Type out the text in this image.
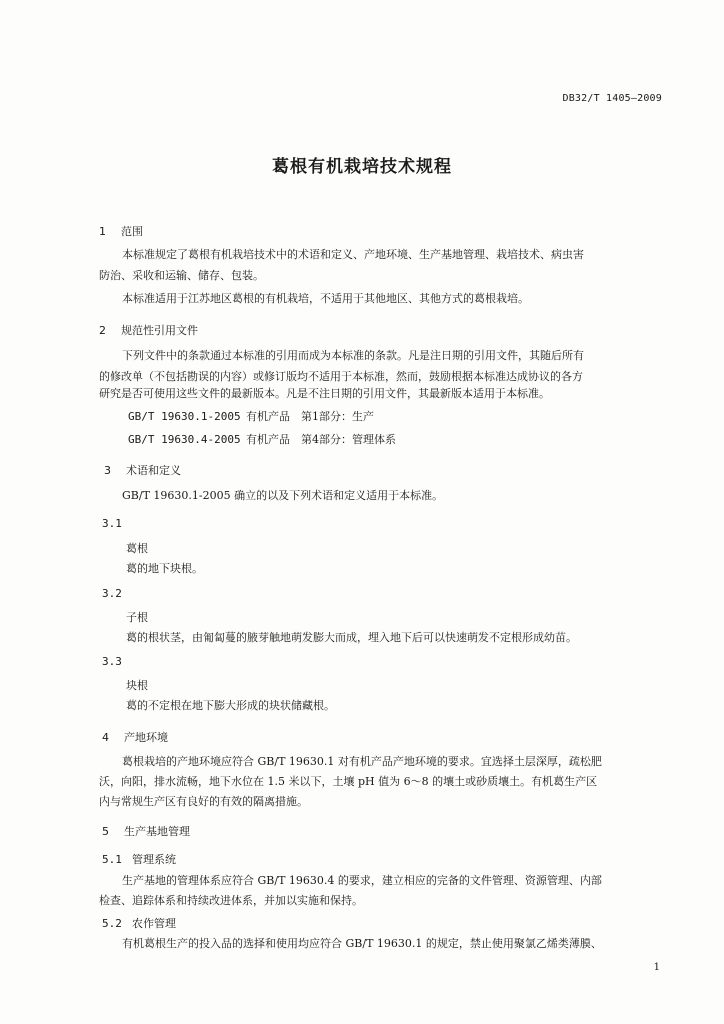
DB32/T 1405—2009
葛根有机栽培技术规程
1 范围
本标准规定了葛根有机栽培技术中的术语和定义、产地环境、生产基地管理、栽培技术、病虫害
防治、采收和运输、储存、包装。
本标准适用于江苏地区葛根的有机栽培，不适用于其他地区、其他方式的葛根栽培。
2 规范性引用文件
下列文件中的条款通过本标准的引用而成为本标准的条款。凡是注日期的引用文件，其随后所有
的修改单（不包括勘误的内容）或修订版均不适用于本标准，然而，鼓励根据本标准达成协议的各方
研究是否可使用这些文件的最新版本。凡是不注日期的引用文件，其最新版本适用于本标准。
GB/T 19630.1-2005 有机产品　第1部分：生产
GB/T 19630.4-2005 有机产品　第4部分：管理体系
3 术语和定义
GB/T 19630.1-2005 确立的以及下列术语和定义适用于本标准。
3.1
葛根
葛的地下块根。
3.2
子根
葛的根状茎，由匍匐蔓的腋芽触地萌发膨大而成，埋入地下后可以快速萌发不定根形成幼苗。
3.3
块根
葛的不定根在地下膨大形成的块状储藏根。
4 产地环境
葛根栽培的产地环境应符合 GB/T 19630.1 对有机产品产地环境的要求。宜选择土层深厚，疏松肥
沃，向阳，排水流畅，地下水位在 1.5 米以下，土壤 pH 值为 6～8 的壤土或砂质壤土。有机葛生产区
内与常规生产区有良好的有效的隔离措施。
5 生产基地管理
5.1 管理系统
生产基地的管理体系应符合 GB/T 19630.4 的要求，建立相应的完备的文件管理、资源管理、内部
检查、追踪体系和持续改进体系，并加以实施和保持。
5.2 农作管理
有机葛根生产的投入品的选择和使用均应符合 GB/T 19630.1 的规定，禁止使用聚氯乙烯类薄膜、
1
